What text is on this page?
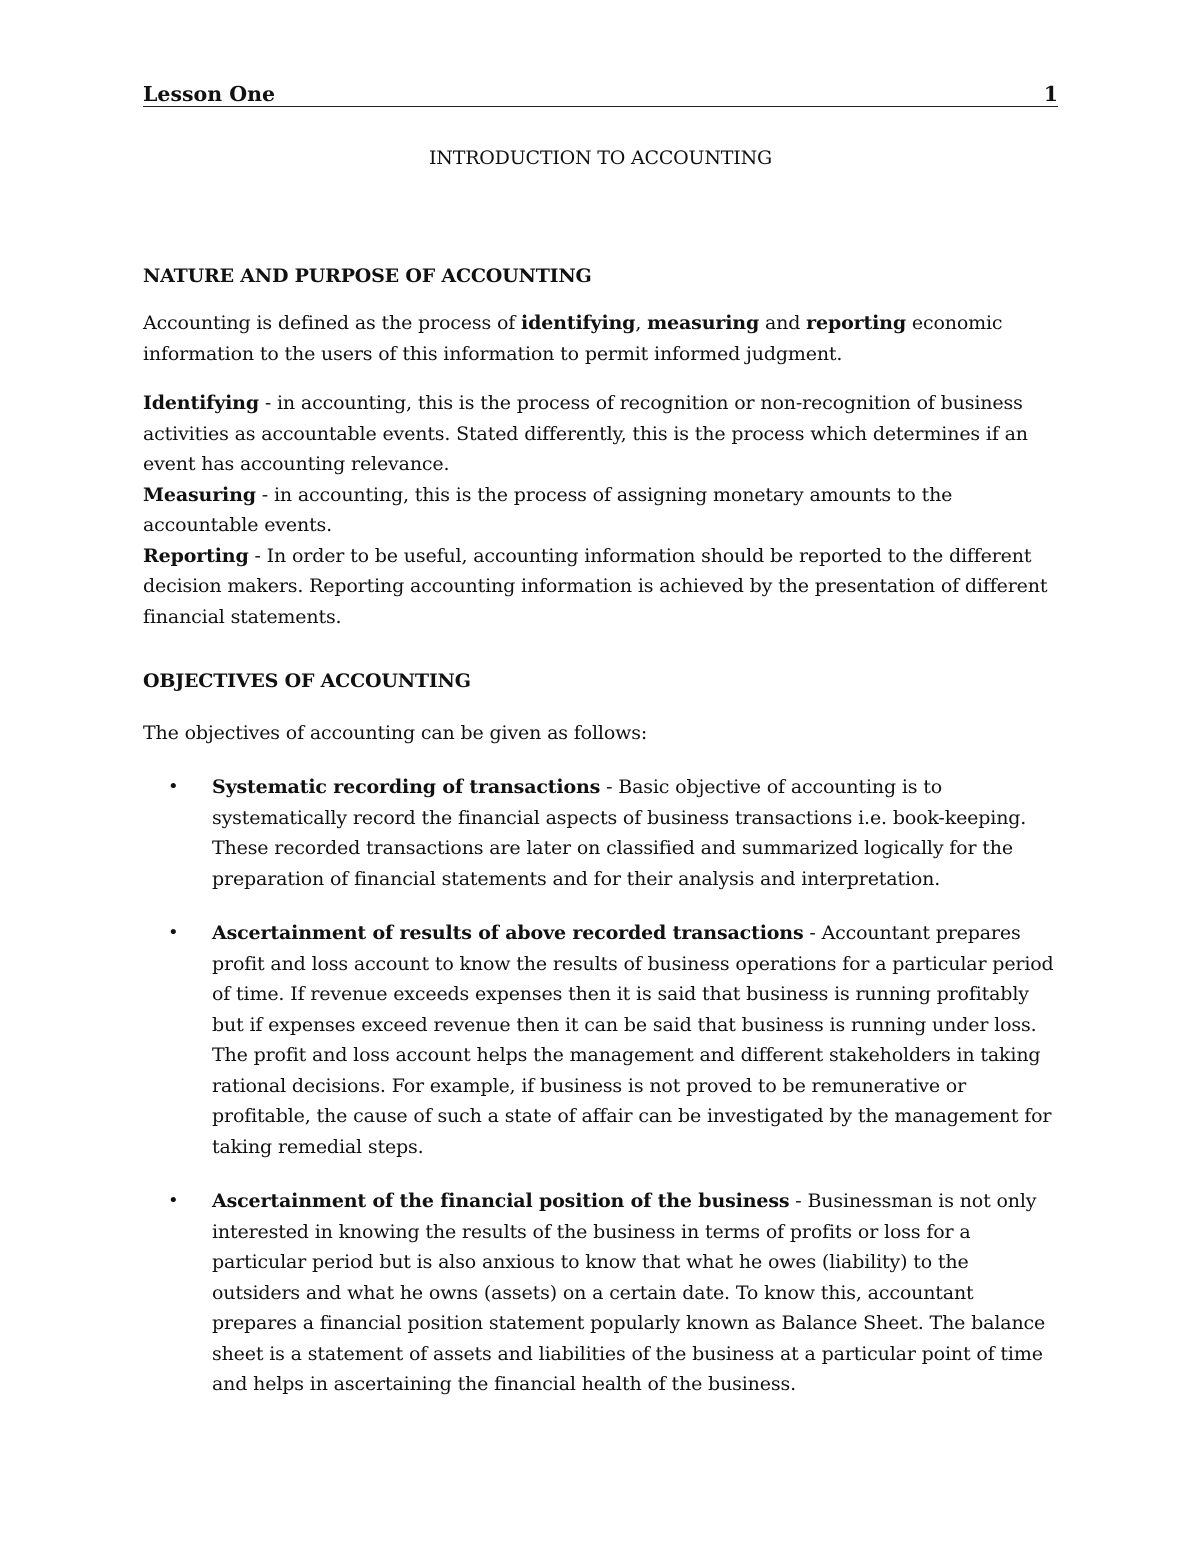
Lesson One	1
INTRODUCTION TO ACCOUNTING
NATURE AND PURPOSE OF ACCOUNTING
Accounting is defined as the process of identifying, measuring and reporting economic information to the users of this information to permit informed judgment.
Identifying - in accounting, this is the process of recognition or non-recognition of business activities as accountable events. Stated differently, this is the process which determines if an event has accounting relevance.
Measuring - in accounting, this is the process of assigning monetary amounts to the accountable events.
Reporting - In order to be useful, accounting information should be reported to the different decision makers. Reporting accounting information is achieved by the presentation of different financial statements.
OBJECTIVES OF ACCOUNTING
The objectives of accounting can be given as follows:
• Systematic recording of transactions - Basic objective of accounting is to systematically record the financial aspects of business transactions i.e. book-keeping. These recorded transactions are later on classified and summarized logically for the preparation of financial statements and for their analysis and interpretation.
• Ascertainment of results of above recorded transactions - Accountant prepares profit and loss account to know the results of business operations for a particular period of time. If revenue exceeds expenses then it is said that business is running profitably but if expenses exceed revenue then it can be said that business is running under loss. The profit and loss account helps the management and different stakeholders in taking rational decisions. For example, if business is not proved to be remunerative or profitable, the cause of such a state of affair can be investigated by the management for taking remedial steps.
• Ascertainment of the financial position of the business - Businessman is not only interested in knowing the results of the business in terms of profits or loss for a particular period but is also anxious to know that what he owes (liability) to the outsiders and what he owns (assets) on a certain date. To know this, accountant prepares a financial position statement popularly known as Balance Sheet. The balance sheet is a statement of assets and liabilities of the business at a particular point of time and helps in ascertaining the financial health of the business.
